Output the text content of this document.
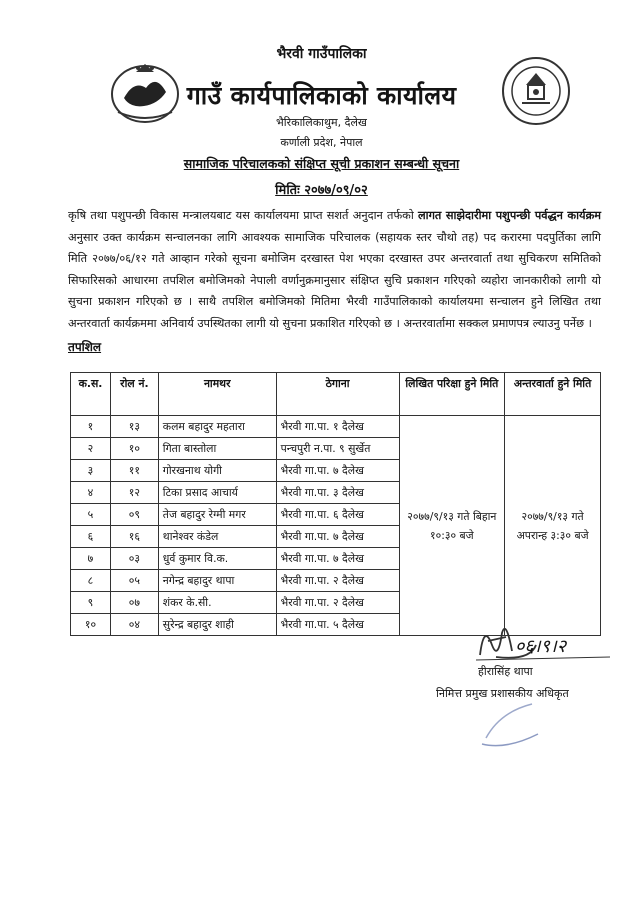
भैरवी गाउँपालिका
गाउँ कार्यपालिकाको कार्यालय
भैरिकालिकाथुम, दैलेख
कर्णाली प्रदेश, नेपाल
सामाजिक परिचालकको संक्षिप्त सूची प्रकाशन सम्बन्धी सूचना
मितिः २०७७/०९/०२
कृषि तथा पशुपन्छी विकास मन्त्रालयबाट यस कार्यालयमा प्राप्त सशर्त अनुदान तर्फको लागत साझेदारीमा पशुपन्छी पर्वद्धन कार्यक्रम अनुसार उक्त कार्यक्रम सन्चालनका लागि आवश्यक सामाजिक परिचालक (सहायक स्तर चौथो तह) पद करारमा पदपुर्तिका लागि मिति २०७७/०६/१२ गते आव्हान गरेको सूचना बमोजिम दरखास्त पेश भएका दरखास्त उपर अन्तरवार्ता तथा सुचिकरण समितिको सिफारिसको आधारमा तपशिल बमोजिमको नेपाली वर्णानुक्रमानुसार संक्षिप्त सुचि प्रकाशन गरिएको व्यहोरा जानकारीको लागी यो सुचना प्रकाशन गरिएको छ । साथै तपशिल बमोजिमको मितिमा भैरवी गाउँपालिकाको कार्यालयमा सन्चालन हुने लिखित तथा अन्तरवार्ता कार्यक्रममा अनिवार्य उपस्थितका लागी यो सुचना प्रकाशित गरिएको छ । अन्तरवार्तामा सक्कल प्रमाणपत्र ल्याउनु पर्नेछ ।
तपशिल
क.स.	रोल नं.	नामथर	ठेगाना	लिखित परिक्षा हुने मिति	अन्तरवार्ता हुने मिति
१	१३	कलम बहादुर महतारा	भैरवी गा.पा. १ दैलेख	२०७७/९/१३ गते बिहान १०:३० बजे	२०७७/९/१३ गते अपरान्ह ३:३० बजे
२	१०	गिता बास्तोला	पन्चपुरी न.पा. ९ सुर्खेत		
३	११	गोरखनाथ योगी	भैरवी गा.पा. ७ दैलेख		
४	१२	टिका प्रसाद आचार्य	भैरवी गा.पा. ३ दैलेख		
५	०९	तेज बहादुर रेग्मी मगर	भैरवी गा.पा. ६ दैलेख		
६	१६	थानेश्वर कंडेल	भैरवी गा.पा. ७ दैलेख		
७	०३	धुर्व कुमार वि.क.	भैरवी गा.पा. ७ दैलेख		
८	०५	नगेन्द्र बहादुर थापा	भैरवी गा.पा. २ दैलेख		
९	०७	शंकर के.सी.	भैरवी गा.पा. २ दैलेख		
१०	०४	सुरेन्द्र बहादुर शाही	भैरवी गा.पा. ५ दैलेख		
०६।९।२
हीरासिंह थापा
निमित्त प्रमुख प्रशासकीय अधिकृत
